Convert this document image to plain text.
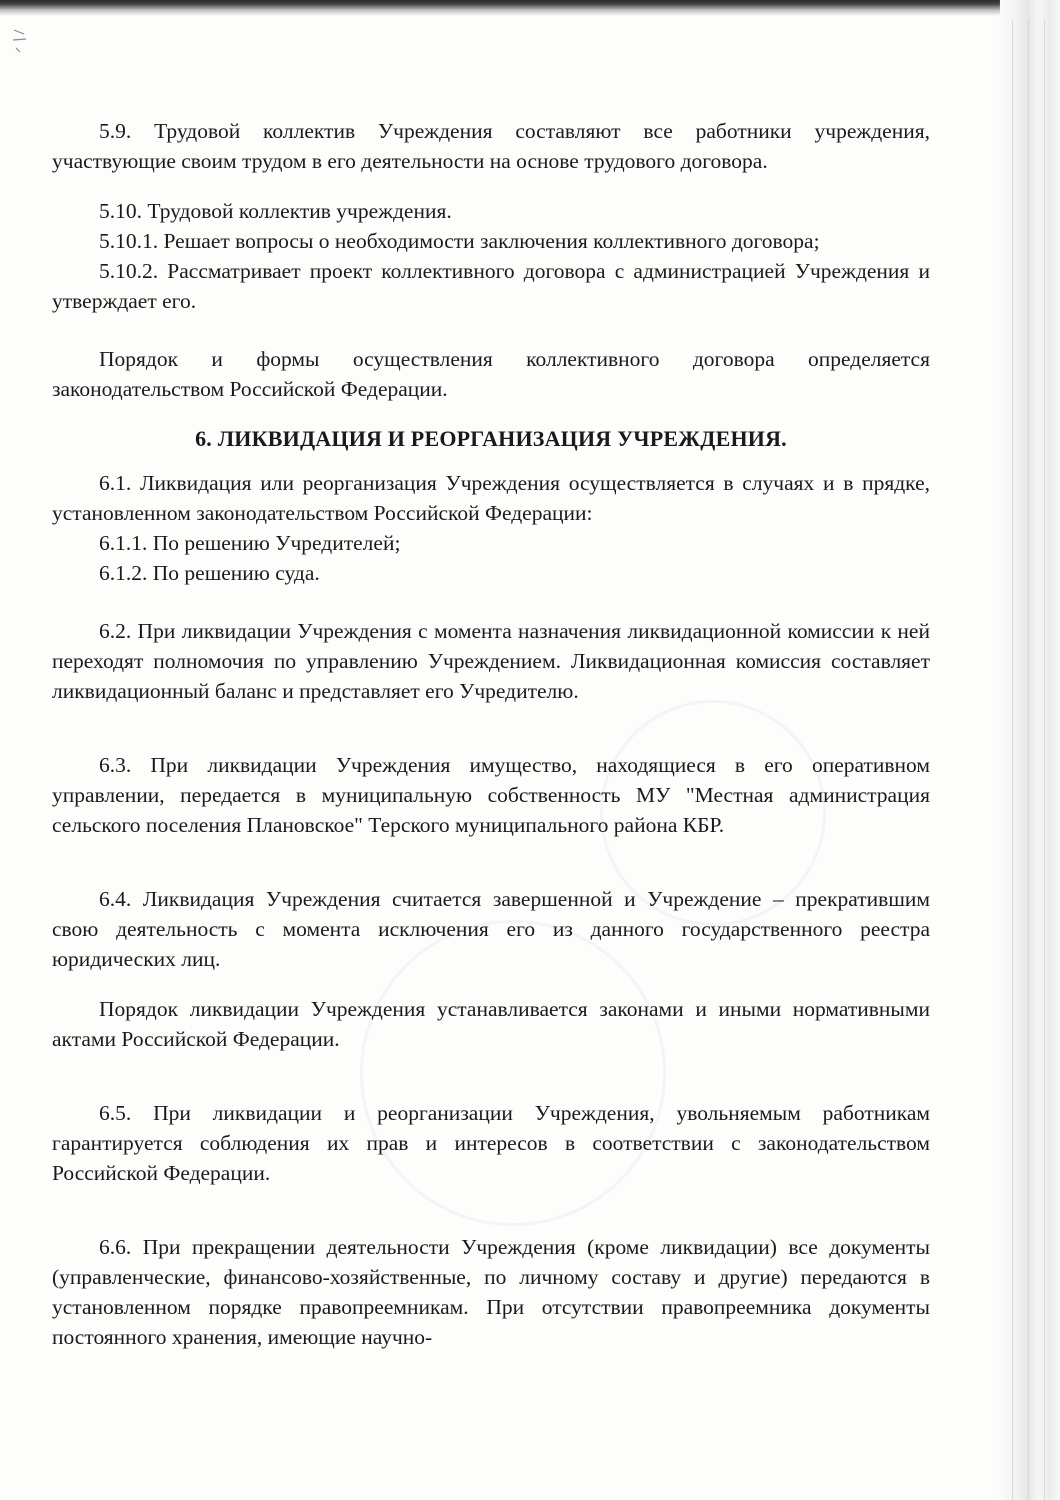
5.9. Трудовой коллектив Учреждения составляют все работники учреждения, участвующие своим трудом в его деятельности на основе трудового договора.

5.10. Трудовой коллектив учреждения.

5.10.1. Решает вопросы о необходимости заключения коллективного договора;

5.10.2. Рассматривает проект коллективного договора с администрацией Учреждения и утверждает его.

Порядок и формы осуществления коллективного договора определяется законодательством Российской Федерации.

6. ЛИКВИДАЦИЯ И РЕОРГАНИЗАЦИЯ УЧРЕЖДЕНИЯ.

6.1. Ликвидация или реорганизация Учреждения осуществляется в случаях и в прядке, установленном законодательством Российской Федерации:

6.1.1. По решению Учредителей;

6.1.2. По решению суда.

6.2. При ликвидации Учреждения с момента назначения ликвидационной комиссии к ней переходят полномочия по управлению Учреждением. Ликвидационная комиссия составляет ликвидационный баланс и представляет его Учредителю.

6.3. При ликвидации Учреждения имущество, находящиеся в его оперативном управлении, передается в муниципальную собственность МУ "Местная администрация сельского поселения Плановское" Терского муниципального района КБР.

6.4. Ликвидация Учреждения считается завершенной и Учреждение – прекратившим свою деятельность с момента исключения его из данного государственного реестра юридических лиц.

Порядок ликвидации Учреждения устанавливается законами и иными нормативными актами Российской Федерации.

6.5. При ликвидации и реорганизации Учреждения, увольняемым работникам гарантируется соблюдения их прав и интересов в соответствии с законодательством Российской Федерации.

6.6. При прекращении деятельности Учреждения (кроме ликвидации) все документы (управленческие, финансово-хозяйственные, по личному составу и другие) передаются в установленном порядке правопреемникам. При отсутствии правопреемника документы постоянного хранения, имеющие научно-
